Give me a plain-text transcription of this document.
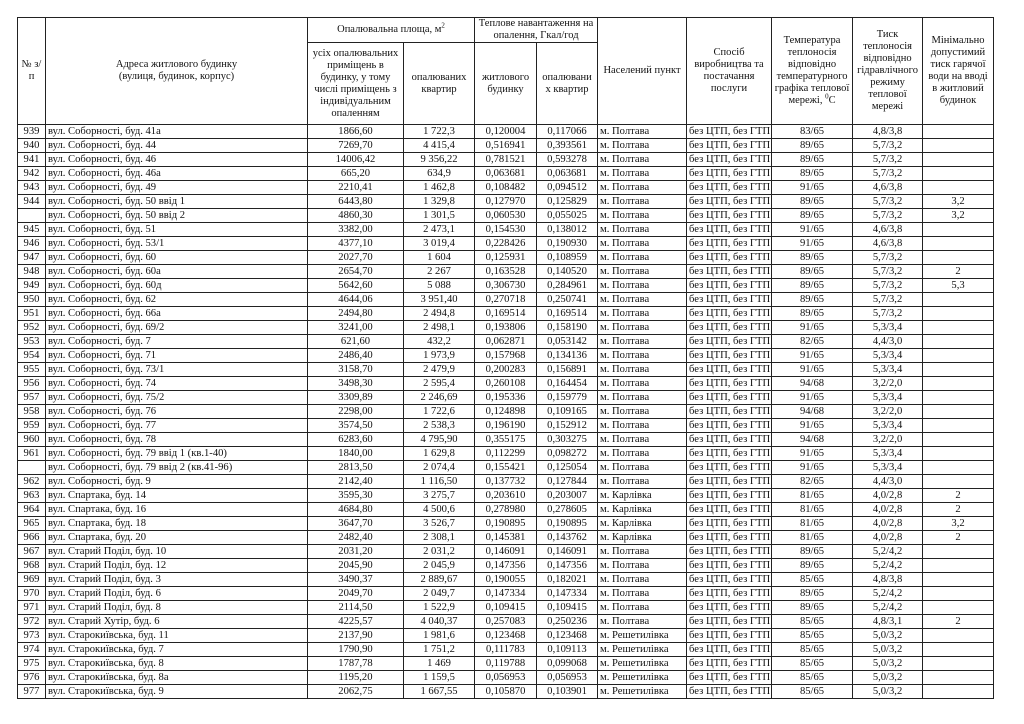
№ з/п	Адреса житлового будинку (вулиця, будинок, корпус)	Опалювальна площа, $м^2$		Теплове навантаження на опалення, Гкал/год		Населений пункт	Спосіб виробництва та постачання послуги	Температура теплоносія відповідно температурного графіка теплової мережі, $^0$С	Тиск теплоносія відповідно гідравлічного режиму теплової мережі	Мінімально допустимий тиск гарячої води на вводі в житловий будинок
		усіх опалювальних приміщень в будинку, у тому числі приміщень з індивідуальним опаленням	опалюваних квартир	житлового будинку	опалювани х квартир					
939	вул. Соборності, буд. 41а	1866,60	1 722,3	0,120004	0,117066	м. Полтава	без ЦТП, без ГТП	83/65	4,8/3,8	
940	вул. Соборності, буд. 44	7269,70	4 415,4	0,516941	0,393561	м. Полтава	без ЦТП, без ГТП	89/65	5,7/3,2	
941	вул. Соборності, буд. 46	14006,42	9 356,22	0,781521	0,593278	м. Полтава	без ЦТП, без ГТП	89/65	5,7/3,2	
942	вул. Соборності, буд. 46а	665,20	634,9	0,063681	0,063681	м. Полтава	без ЦТП, без ГТП	89/65	5,7/3,2	
943	вул. Соборності, буд. 49	2210,41	1 462,8	0,108482	0,094512	м. Полтава	без ЦТП, без ГТП	91/65	4,6/3,8	
944	вул. Соборності, буд. 50 ввід 1	6443,80	1 329,8	0,127970	0,125829	м. Полтава	без ЦТП, без ГТП	89/65	5,7/3,2	3,2
	вул. Соборності, буд. 50 ввід 2	4860,30	1 301,5	0,060530	0,055025	м. Полтава	без ЦТП, без ГТП	89/65	5,7/3,2	3,2
945	вул. Соборності, буд. 51	3382,00	2 473,1	0,154530	0,138012	м. Полтава	без ЦТП, без ГТП	91/65	4,6/3,8	
946	вул. Соборності, буд. 53/1	4377,10	3 019,4	0,228426	0,190930	м. Полтава	без ЦТП, без ГТП	91/65	4,6/3,8	
947	вул. Соборності, буд. 60	2027,70	1 604	0,125931	0,108959	м. Полтава	без ЦТП, без ГТП	89/65	5,7/3,2	
948	вул. Соборності, буд. 60а	2654,70	2 267	0,163528	0,140520	м. Полтава	без ЦТП, без ГТП	89/65	5,7/3,2	2
949	вул. Соборності, буд. 60д	5642,60	5 088	0,306730	0,284961	м. Полтава	без ЦТП, без ГТП	89/65	5,7/3,2	5,3
950	вул. Соборності, буд. 62	4644,06	3 951,40	0,270718	0,250741	м. Полтава	без ЦТП, без ГТП	89/65	5,7/3,2	
951	вул. Соборності, буд. 66а	2494,80	2 494,8	0,169514	0,169514	м. Полтава	без ЦТП, без ГТП	89/65	5,7/3,2	
952	вул. Соборності, буд. 69/2	3241,00	2 498,1	0,193806	0,158190	м. Полтава	без ЦТП, без ГТП	91/65	5,3/3,4	
953	вул. Соборності, буд. 7	621,60	432,2	0,062871	0,053142	м. Полтава	без ЦТП, без ГТП	82/65	4,4/3,0	
954	вул. Соборності, буд. 71	2486,40	1 973,9	0,157968	0,134136	м. Полтава	без ЦТП, без ГТП	91/65	5,3/3,4	
955	вул. Соборності, буд. 73/1	3158,70	2 479,9	0,200283	0,156891	м. Полтава	без ЦТП, без ГТП	91/65	5,3/3,4	
956	вул. Соборності, буд. 74	3498,30	2 595,4	0,260108	0,164454	м. Полтава	без ЦТП, без ГТП	94/68	3,2/2,0	
957	вул. Соборності, буд. 75/2	3309,89	2 246,69	0,195336	0,159779	м. Полтава	без ЦТП, без ГТП	91/65	5,3/3,4	
958	вул. Соборності, буд. 76	2298,00	1 722,6	0,124898	0,109165	м. Полтава	без ЦТП, без ГТП	94/68	3,2/2,0	
959	вул. Соборності, буд. 77	3574,50	2 538,3	0,196190	0,152912	м. Полтава	без ЦТП, без ГТП	91/65	5,3/3,4	
960	вул. Соборності, буд. 78	6283,60	4 795,90	0,355175	0,303275	м. Полтава	без ЦТП, без ГТП	94/68	3,2/2,0	
961	вул. Соборності, буд. 79 ввід 1 (кв.1-40)	1840,00	1 629,8	0,112299	0,098272	м. Полтава	без ЦТП, без ГТП	91/65	5,3/3,4	
	вул. Соборності, буд. 79 ввід 2 (кв.41-96)	2813,50	2 074,4	0,155421	0,125054	м. Полтава	без ЦТП, без ГТП	91/65	5,3/3,4	
962	вул. Соборності, буд. 9	2142,40	1 116,50	0,137732	0,127844	м. Полтава	без ЦТП, без ГТП	82/65	4,4/3,0	
963	вул. Спартака, буд. 14	3595,30	3 275,7	0,203610	0,203007	м. Карлівка	без ЦТП, без ГТП	81/65	4,0/2,8	2
964	вул. Спартака, буд. 16	4684,80	4 500,6	0,278980	0,278605	м. Карлівка	без ЦТП, без ГТП	81/65	4,0/2,8	2
965	вул. Спартака, буд. 18	3647,70	3 526,7	0,190895	0,190895	м. Карлівка	без ЦТП, без ГТП	81/65	4,0/2,8	3,2
966	вул. Спартака, буд. 20	2482,40	2 308,1	0,145381	0,143762	м. Карлівка	без ЦТП, без ГТП	81/65	4,0/2,8	2
967	вул. Старий Поділ, буд. 10	2031,20	2 031,2	0,146091	0,146091	м. Полтава	без ЦТП, без ГТП	89/65	5,2/4,2	
968	вул. Старий Поділ, буд. 12	2045,90	2 045,9	0,147356	0,147356	м. Полтава	без ЦТП, без ГТП	89/65	5,2/4,2	
969	вул. Старий Поділ, буд. 3	3490,37	2 889,67	0,190055	0,182021	м. Полтава	без ЦТП, без ГТП	85/65	4,8/3,8	
970	вул. Старий Поділ, буд. 6	2049,70	2 049,7	0,147334	0,147334	м. Полтава	без ЦТП, без ГТП	89/65	5,2/4,2	
971	вул. Старий Поділ, буд. 8	2114,50	1 522,9	0,109415	0,109415	м. Полтава	без ЦТП, без ГТП	89/65	5,2/4,2	
972	вул. Старий Хутір, буд. 6	4225,57	4 040,37	0,257083	0,250236	м. Полтава	без ЦТП, без ГТП	85/65	4,8/3,1	2
973	вул. Старокиївська, буд. 11	2137,90	1 981,6	0,123468	0,123468	м. Решетилівка	без ЦТП, без ГТП	85/65	5,0/3,2	
974	вул. Старокиївська, буд. 7	1790,90	1 751,2	0,111783	0,109113	м. Решетилівка	без ЦТП, без ГТП	85/65	5,0/3,2	
975	вул. Старокиївська, буд. 8	1787,78	1 469	0,119788	0,099068	м. Решетилівка	без ЦТП, без ГТП	85/65	5,0/3,2	
976	вул. Старокиївська, буд. 8а	1195,20	1 159,5	0,056953	0,056953	м. Решетилівка	без ЦТП, без ГТП	85/65	5,0/3,2	
977	вул. Старокиївська, буд. 9	2062,75	1 667,55	0,105870	0,103901	м. Решетилівка	без ЦТП, без ГТП	85/65	5,0/3,2	
